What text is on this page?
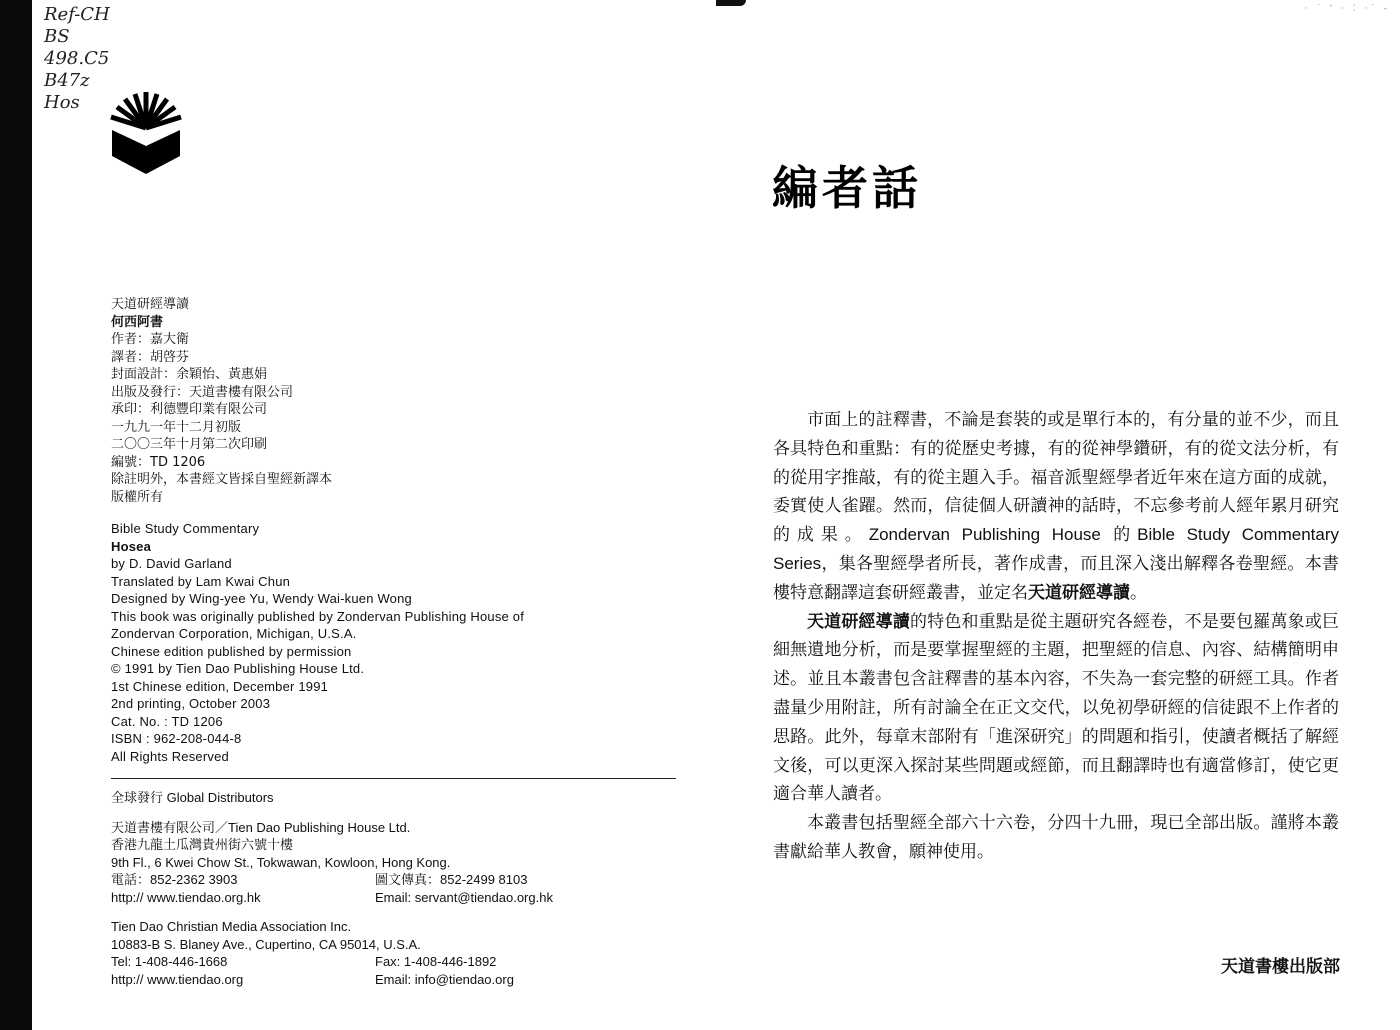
· ˙ ' · ⁚ ·˙ -
Ref-CH
BS
498.C5
B47z
Hos
天道研經導讀
何西阿書
作者：嘉大衛
譯者：胡啓芬
封面設計：余穎怡、黃惠娟
出版及發行：天道書樓有限公司
承印：利德豐印業有限公司
一九九一年十二月初版
二〇〇三年十月第二次印刷
編號：TD 1206
除註明外，本書經文皆採自聖經新譯本
版權所有
Bible Study Commentary
Hosea
by D. David Garland
Translated by Lam Kwai Chun
Designed by Wing-yee Yu, Wendy Wai-kuen Wong
This book was originally published by Zondervan Publishing House of
Zondervan Corporation, Michigan, U.S.A.
Chinese edition published by permission
© 1991 by Tien Dao Publishing House Ltd.
1st Chinese edition, December 1991
2nd printing, October 2003
Cat. No. : TD 1206
ISBN : 962-208-044-8
All Rights Reserved
全球發行 Global Distributors
天道書樓有限公司／Tien Dao Publishing House Ltd.
香港九龍土瓜灣貴州街六號十樓
9th Fl., 6 Kwei Chow St., Tokwawan, Kowloon, Hong Kong.
電話：852-2362 3903	圖文傳真：852-2499 8103
http:// www.tiendao.org.hk	Email: servant@tiendao.org.hk
Tien Dao Christian Media Association Inc.
10883-B S. Blaney Ave., Cupertino, CA 95014, U.S.A.
Tel: 1-408-446-1668	Fax: 1-408-446-1892
http:// www.tiendao.org	Email: info@tiendao.org
編者話

市面上的註釋書，不論是套裝的或是單行本的，有分量的並不少，而且各具特色和重點：有的從歷史考據，有的從神學鑽研，有的從文法分析，有的從用字推敲，有的從主題入手。福音派聖經學者近年來在這方面的成就，委實使人雀躍。然而，信徒個人研讀神的話時，不忘參考前人經年累月研究的成果。Zondervan Publishing House 的Bible Study Commentary Series，集各聖經學者所長，著作成書，而且深入淺出解釋各卷聖經。本書樓特意翻譯這套研經叢書，並定名天道研經導讀。

天道研經導讀的特色和重點是從主題研究各經卷，不是要包羅萬象或巨細無遺地分析，而是要掌握聖經的主題，把聖經的信息、內容、結構簡明申述。並且本叢書包含註釋書的基本內容，不失為一套完整的研經工具。作者盡量少用附註，所有討論全在正文交代，以免初學研經的信徒跟不上作者的思路。此外，每章末部附有「進深研究」的問題和指引，使讀者概括了解經文後，可以更深入探討某些問題或經節，而且翻譯時也有適當修訂，使它更適合華人讀者。

本叢書包括聖經全部六十六卷，分四十九冊，現已全部出版。謹將本叢書獻給華人教會，願神使用。

天道書樓出版部
